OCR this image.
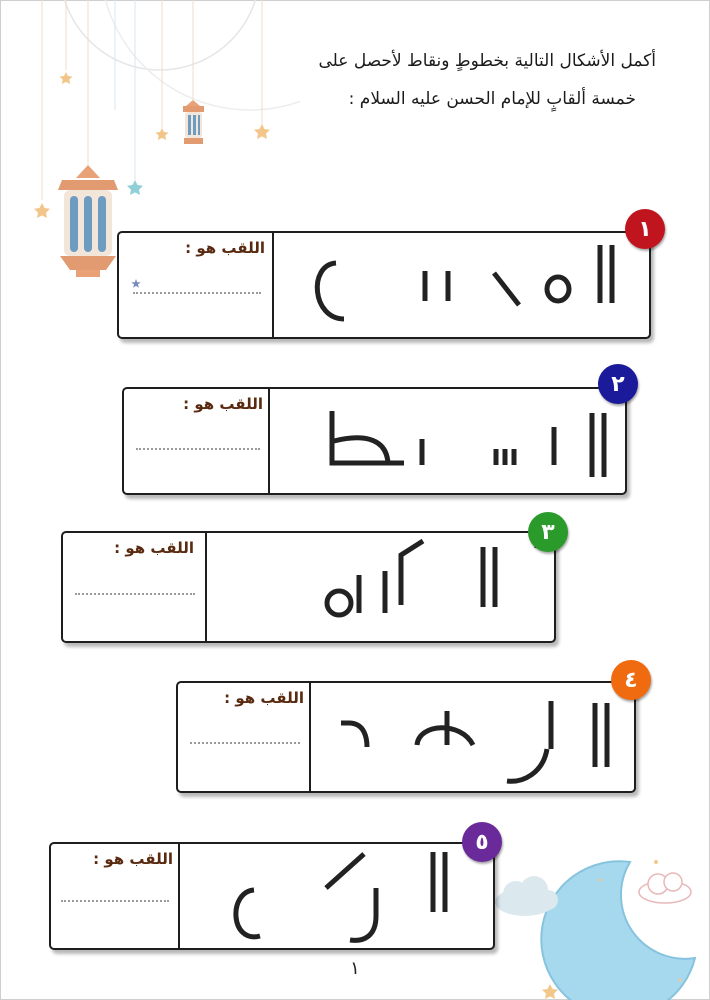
أكمل الأشكال التالية بخطوطٍ ونقاط لأحصل على

خمسة ألقابٍ للإمام الحسن عليه السلام :

اللقب هو :
١
اللقب هو :
٢
اللقب هو :
٣
اللقب هو :
٤
اللقب هو :
٥
١
